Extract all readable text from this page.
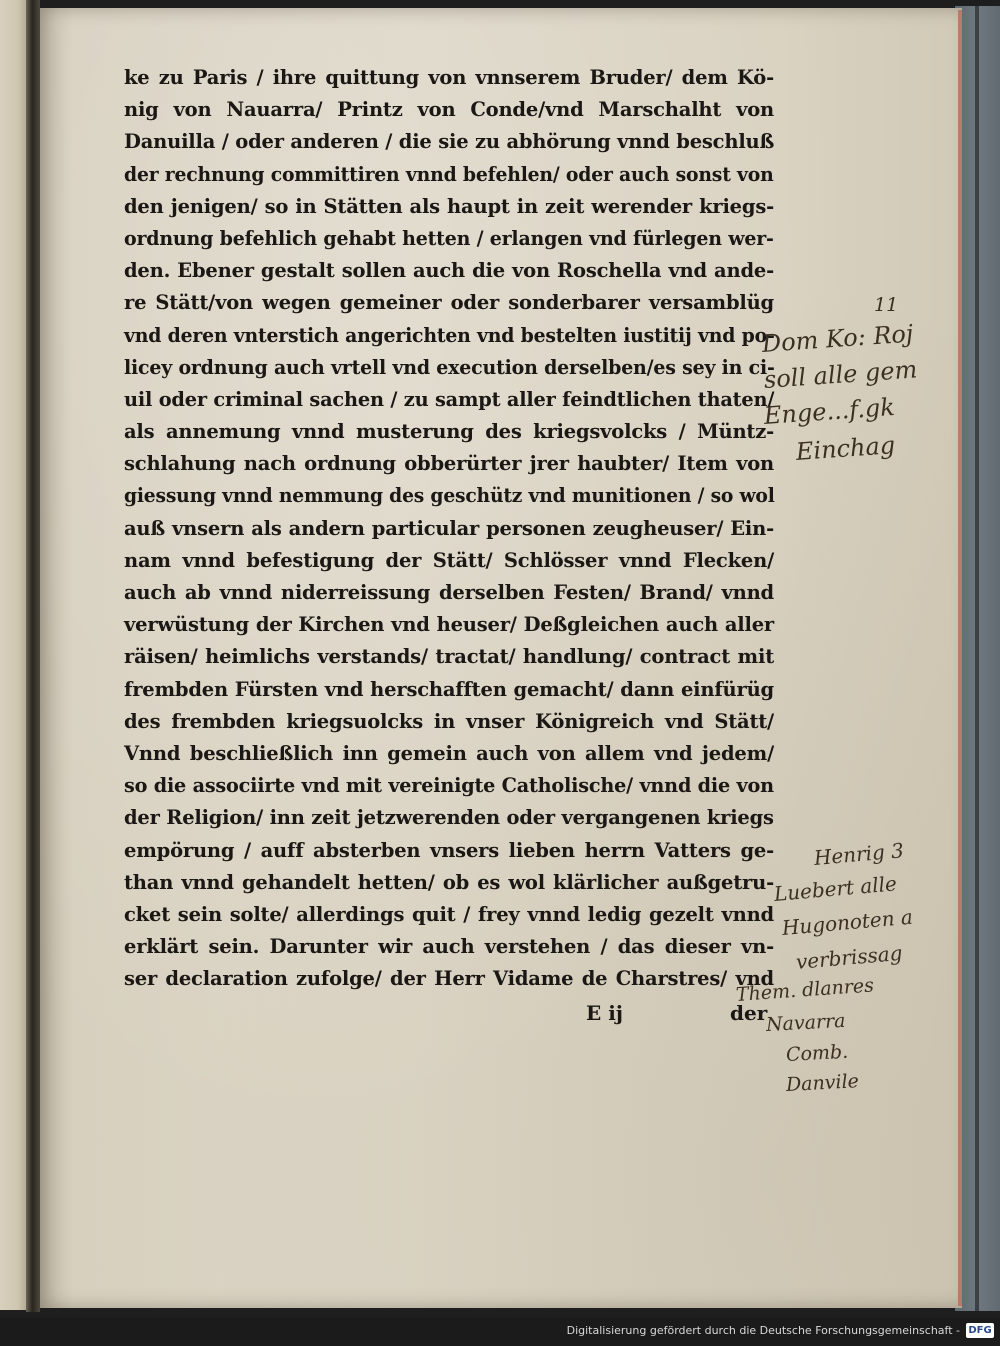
ke zu Paris / ihre quittung von vnnserem Bruder/ dem Kö-
nig von Nauarra/ Printz von Conde/vnd Marschalht von
Danuilla / oder anderen / die sie zu abhörung vnnd beschluß
der rechnung committiren vnnd befehlen/ oder auch sonst von
den jenigen/ so in Stätten als haupt in zeit werender kriegs-
ordnung befehlich gehabt hetten / erlangen vnd fürlegen wer-
den. Ebener gestalt sollen auch die von Roschella vnd ande-
re Stätt/von wegen gemeiner oder sonderbarer versamblüg
vnd deren vnterstich angerichten vnd bestelten iustitij vnd po-
licey ordnung auch vrtell vnd execution derselben/es sey in ci-
uil oder criminal sachen / zu sampt aller feindtlichen thaten/
als annemung vnnd musterung des kriegsvolcks / Müntz-
schlahung nach ordnung obberürter jrer haubter/ Item von
giessung vnnd nemmung des geschütz vnd munitionen / so wol
auß vnsern als andern particular personen zeugheuser/ Ein-
nam vnnd befestigung der Stätt/ Schlösser vnnd Flecken/
auch ab vnnd niderreissung derselben Festen/ Brand/ vnnd
verwüstung der Kirchen vnd heuser/ Deßgleichen auch aller
räisen/ heimlichs verstands/ tractat/ handlung/ contract mit
frembden Fürsten vnd herschafften gemacht/ dann einfürüg
des frembden kriegsuolcks in vnser Königreich vnd Stätt/
Vnnd beschließlich inn gemein auch von allem vnd jedem/
so die associirte vnd mit vereinigte Catholische/ vnnd die von
der Religion/ inn zeit jetzwerenden oder vergangenen kriegs
empörung / auff absterben vnsers lieben herrn Vatters ge-
than vnnd gehandelt hetten/ ob es wol klärlicher außgetru-
cket sein solte/ allerdings quit / frey vnnd ledig gezelt vnnd
erklärt sein. Darunter wir auch verstehen / das dieser vn-
ser declaration zufolge/ der Herr Vidame de Charstres/ vnd
E ij	der
11
Dom Ko: Roj
soll alle gem
Enge...f.gk
Einchag
Henrig 3
Luebert alle
Hugonoten a
verbrissag
Them. dlanres
Navarra
Comb.
Danvile
Digitalisierung gefördert durch die Deutsche Forschungsgemeinschaft - DFG
